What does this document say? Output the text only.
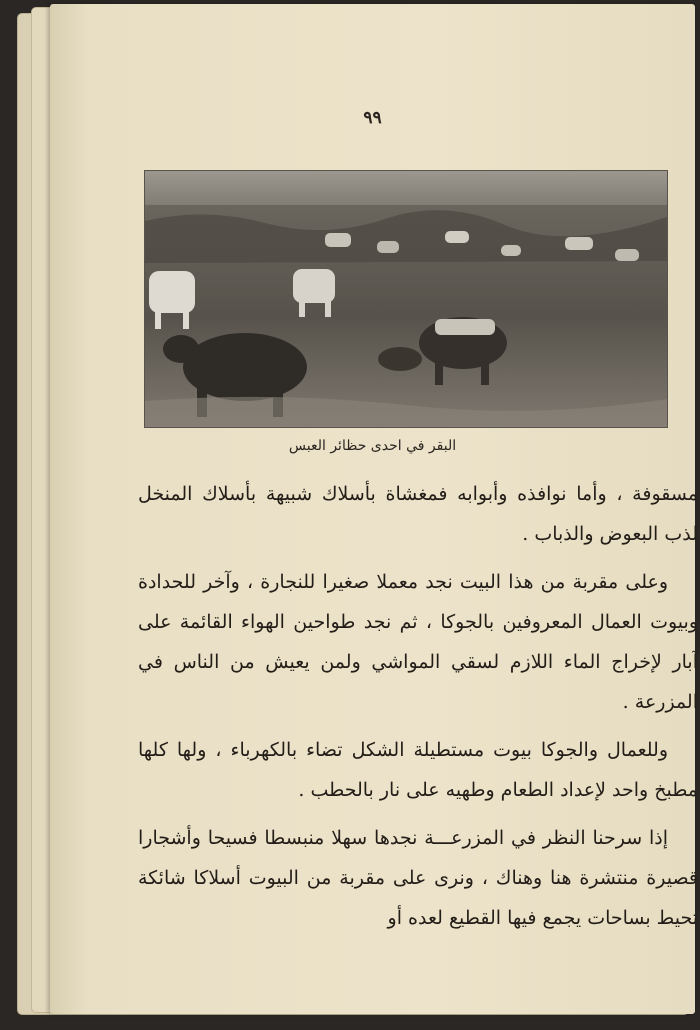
٩٩
البقر في احدى حظائر العبس

مسقوفة ، وأما نوافذه وأبوابه فمغشاة بأسلاك شبيهة بأسلاك المنخل لذب البعوض والذباب .

وعلى مقربة من هذا البيت نجد معملا صغيرا للنجارة ، وآخر للحدادة وبيوت العمال المعروفين بالجوكا ، ثم نجد طواحين الهواء القائمة على آبار لإخراج الماء اللازم لسقي المواشي ولمن يعيش من الناس في المزرعة .

وللعمال والجوكا بيوت مستطيلة الشكل تضاء بالكهرباء ، ولها كلها مطبخ واحد لإعداد الطعام وطهيه على نار بالحطب .

إذا سرحنا النظر في المزرعـــة نجدها سهلا منبسطا فسيحا وأشجارا قصيرة منتشرة هنا وهناك ، ونرى على مقربة من البيوت أسلاكا شائكة تحيط بساحات يجمع فيها القطيع لعده أو
